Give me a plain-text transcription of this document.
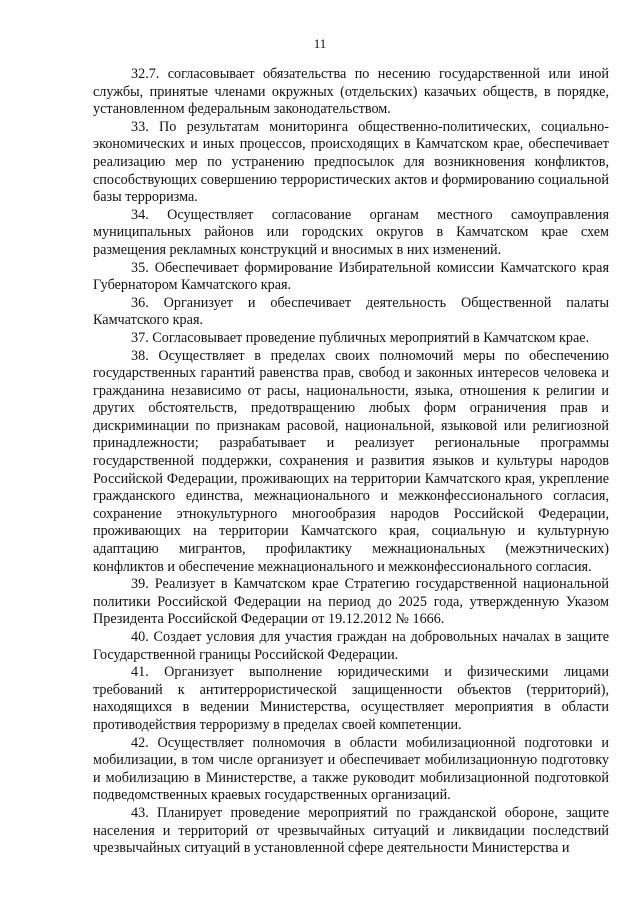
11

32.7. согласовывает обязательства по несению государственной или иной службы, принятые членами окружных (отдельских) казачьих обществ, в порядке, установленном федеральным законодательством.

33. По результатам мониторинга общественно-политических, социально-экономических и иных процессов, происходящих в Камчатском крае, обеспечивает реализацию мер по устранению предпосылок для возникновения конфликтов, способствующих совершению террористических актов и формированию социальной базы терроризма.

34. Осуществляет согласование органам местного самоуправления муниципальных районов или городских округов в Камчатском крае схем размещения рекламных конструкций и вносимых в них изменений.

35. Обеспечивает формирование Избирательной комиссии Камчатского края Губернатором Камчатского края.

36. Организует и обеспечивает деятельность Общественной палаты Камчатского края.

37. Согласовывает проведение публичных мероприятий в Камчатском крае.

38. Осуществляет в пределах своих полномочий меры по обеспечению государственных гарантий равенства прав, свобод и законных интересов человека и гражданина независимо от расы, национальности, языка, отношения к религии и других обстоятельств, предотвращению любых форм ограничения прав и дискриминации по признакам расовой, национальной, языковой или религиозной принадлежности; разрабатывает и реализует региональные программы государственной поддержки, сохранения и развития языков и культуры народов Российской Федерации, проживающих на территории Камчатского края, укрепление гражданского единства, межнационального и межконфессионального согласия, сохранение этнокультурного многообразия народов Российской Федерации, проживающих на территории Камчатского края, социальную и культурную адаптацию мигрантов, профилактику межнациональных (межэтнических) конфликтов и обеспечение межнационального и межконфессионального согласия.

39. Реализует в Камчатском крае Стратегию государственной национальной политики Российской Федерации на период до 2025 года, утвержденную Указом Президента Российской Федерации от 19.12.2012 № 1666.

40. Создает условия для участия граждан на добровольных началах в защите Государственной границы Российской Федерации.

41. Организует выполнение юридическими и физическими лицами требований к антитеррористической защищенности объектов (территорий), находящихся в ведении Министерства, осуществляет мероприятия в области противодействия терроризму в пределах своей компетенции.

42. Осуществляет полномочия в области мобилизационной подготовки и мобилизации, в том числе организует и обеспечивает мобилизационную подготовку и мобилизацию в Министерстве, а также руководит мобилизационной подготовкой подведомственных краевых государственных организаций.

43. Планирует проведение мероприятий по гражданской обороне, защите населения и территорий от чрезвычайных ситуаций и ликвидации последствий чрезвычайных ситуаций в установленной сфере деятельности Министерства и
